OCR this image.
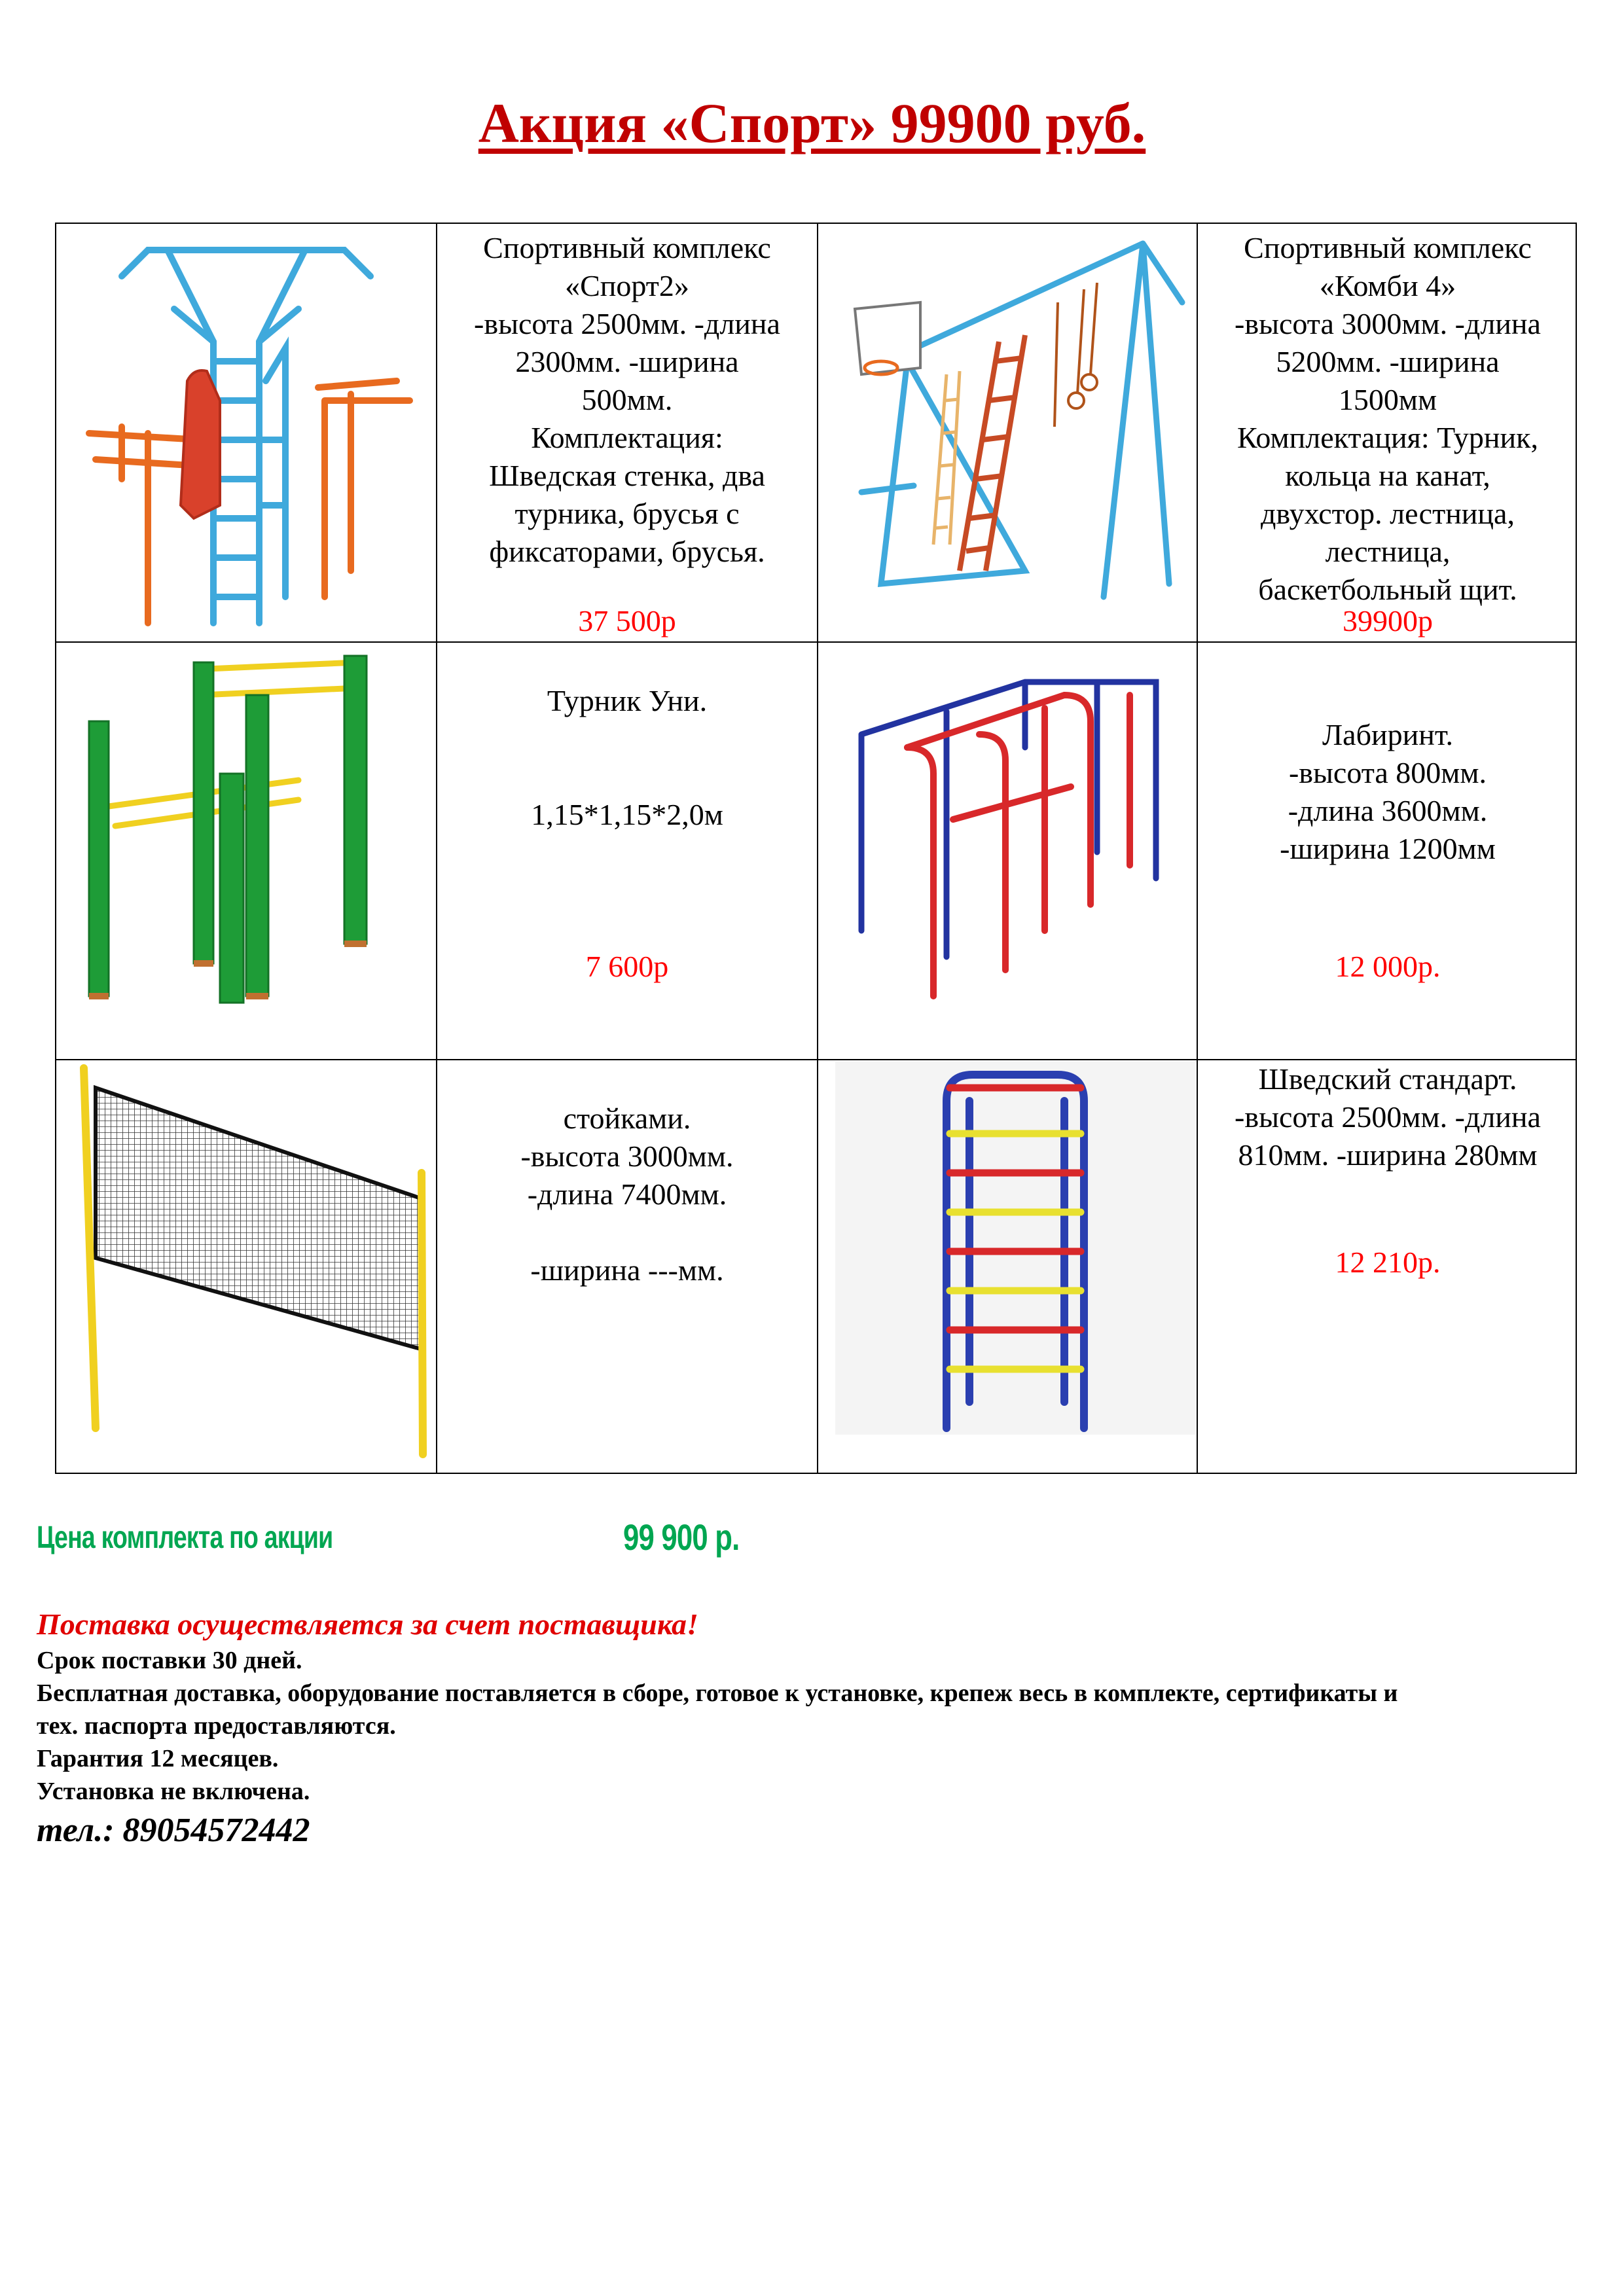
Акция «Спорт» 99900 руб.
Спортивный комплекс
«Спорт2»
-высота 2500мм. -длина
2300мм. -ширина
500мм.
Комплектация:
Шведская стенка, два
турника, брусья с
фиксаторами, брусья.
37 500р
Спортивный комплекс
«Комби 4»
-высота 3000мм. -длина
5200мм. -ширина
1500мм
Комплектация: Турник,
кольца на канат,
двухстор. лестница,
лестница,
баскетбольный щит.
39900р
Турник Уни.

1,15*1,15*2,0м
7 600р
Лабиринт.
-высота 800мм.
-длина 3600мм.
-ширина 1200мм
12 000р.
стойками.
-высота 3000мм.
-длина 7400мм.

-ширина ---мм.
Шведский стандарт.
-высота 2500мм. -длина
810мм. -ширина 280мм
12 210р.
Цена комплекта по акции	99 900 р.
Поставка осуществляется за счет поставщика!
Срок поставки 30 дней.
Бесплатная доставка, оборудование поставляется в сборе, готовое к установке, крепеж весь в комплекте, сертификаты и
тех. паспорта предоставляются.
Гарантия 12 месяцев.
Установка не включена.
тел.: 89054572442
